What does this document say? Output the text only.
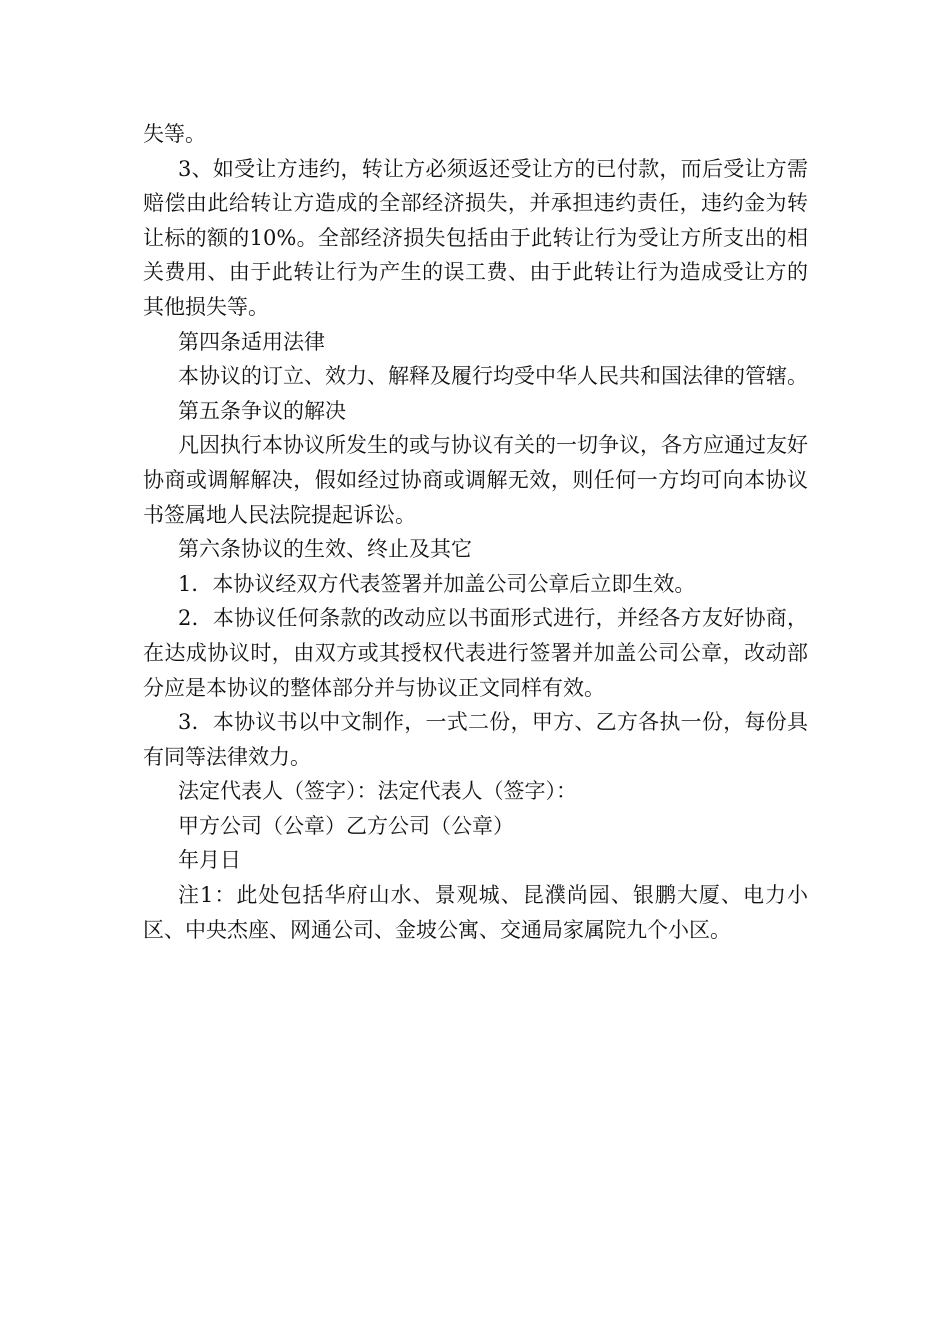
失等。

3、如受让方违约，转让方必须返还受让方的已付款，而后受让方需赔偿由此给转让方造成的全部经济损失，并承担违约责任，违约金为转让标的额的10%。全部经济损失包括由于此转让行为受让方所支出的相关费用、由于此转让行为产生的误工费、由于此转让行为造成受让方的其他损失等。

第四条适用法律

本协议的订立、效力、解释及履行均受中华人民共和国法律的管辖。

第五条争议的解决

凡因执行本协议所发生的或与协议有关的一切争议，各方应通过友好协商或调解解决，假如经过协商或调解无效，则任何一方均可向本协议书签属地人民法院提起诉讼。

第六条协议的生效、终止及其它

1．本协议经双方代表签署并加盖公司公章后立即生效。

2．本协议任何条款的改动应以书面形式进行，并经各方友好协商，在达成协议时，由双方或其授权代表进行签署并加盖公司公章，改动部分应是本协议的整体部分并与协议正文同样有效。

3．本协议书以中文制作，一式二份，甲方、乙方各执一份，每份具有同等法律效力。

法定代表人（签字）：法定代表人（签字）：

甲方公司（公章）乙方公司（公章）

年月日

注1：此处包括华府山水、景观城、昆濮尚园、银鹏大厦、电力小区、中央杰座、网通公司、金坡公寓、交通局家属院九个小区。
